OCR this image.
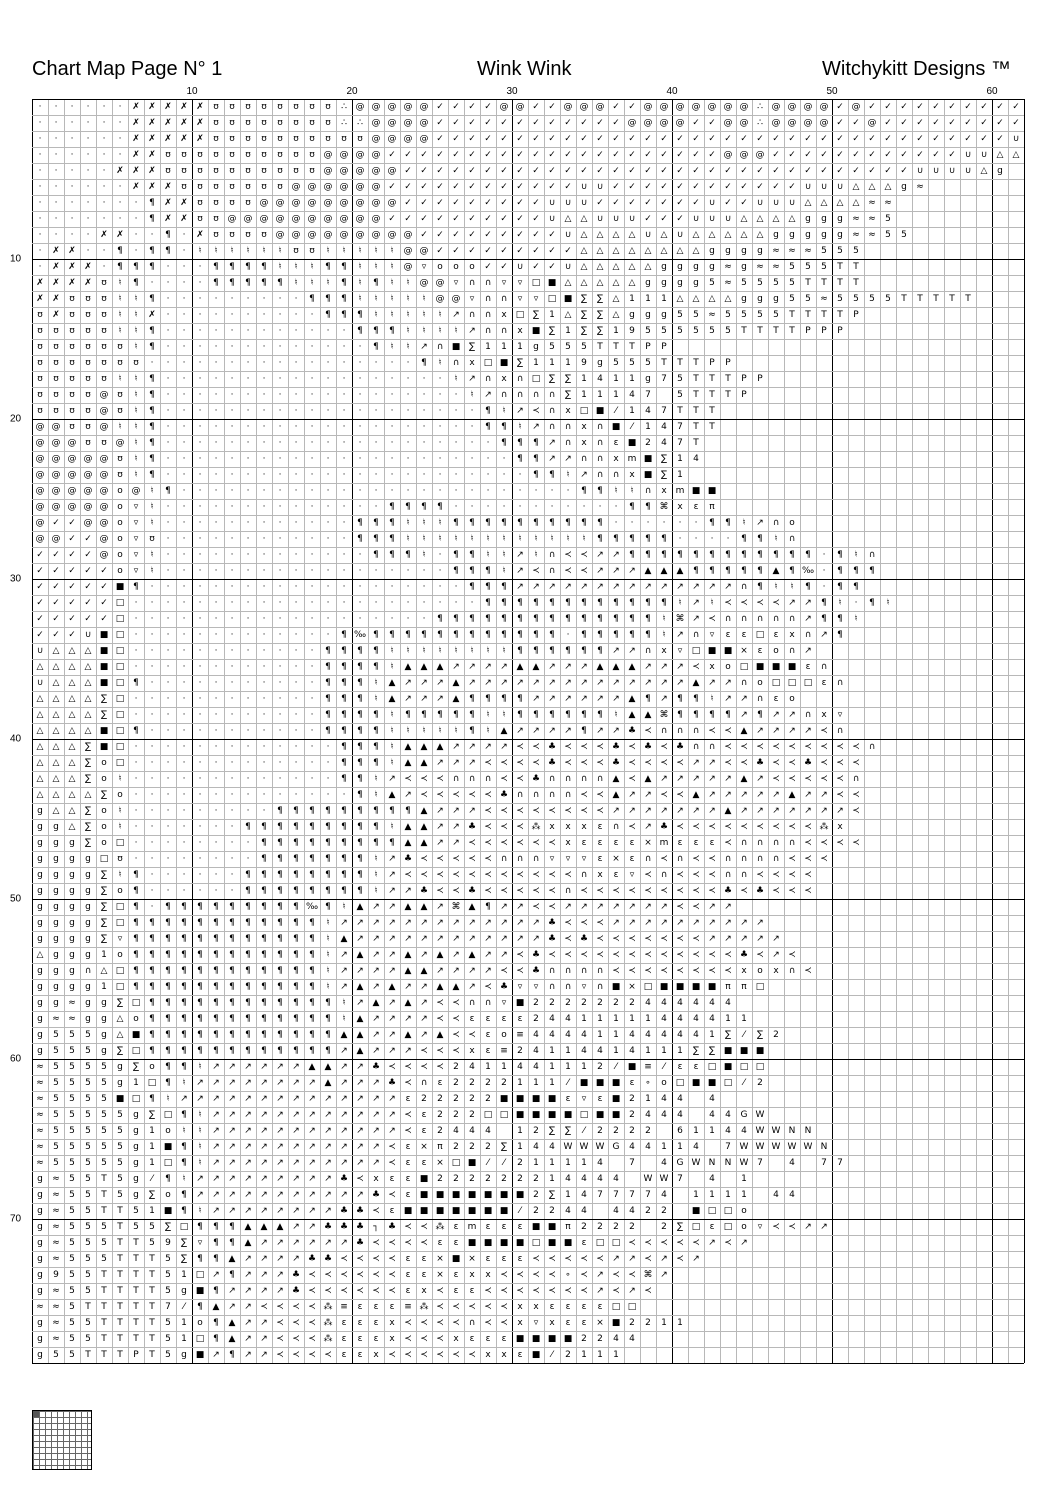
Chart Map Page N° 1	Wink Wink	Witchykitt Designs ™
10	20	30	40	50	60
10
20
30
40
50
60
70
·	·	·	·	·	·	✗ ✗ ✗ ✗ ✗	ʊ	ʊ	ʊ	ʊ	ʊ	ʊ	ʊ	ʊ	∴ @ @ @ @ @ ✓ ✓ ✓ ✓ @ @ ✓ ✓ @ @ @ ✓ ✓ @ @ @ @ @ @ @ ∴ @ @ @ @ ✓ @ ✓ ✓ ✓ ✓ ✓ ✓ ✓ ✓ ✓ ✓
·	·	·	·	·	·	✗ ✗ ✗ ✗ ✗	ʊ	ʊ	ʊ	ʊ	ʊ	ʊ	ʊ	ʊ	∴	∴ @ @ @ @ ✓ ✓ ✓ ✓ ✓ ✓ ✓ ✓ ✓ ✓ ✓ ✓ @ @ @ @ ✓ ✓ @ @ ∴ @ @ @ @ ✓ ✓ @ ✓ ✓ ✓ ✓ ✓ ✓ ✓ ✓ ✓
·	·	·	·	·	·	✗ ✗ ✗ ✗ ✗	ʊ	ʊ	ʊ	ʊ	ʊ	ʊ	ʊ	ʊ	ʊ	ʊ @ @ @ @ ✓ ✓ ✓ ✓ ✓ ✓ ✓ ✓ ✓ ✓ ✓ ✓ ✓ ✓ ✓ ✓ ✓ ✓ ✓ ✓ ✓ ✓ ✓ ✓ ✓ ✓ ✓ ✓ ✓ ✓ ✓ ✓ ✓ ✓ ✓ ✓ ∪
·	·	·	·	·	·	✗ ✗	ʊ	ʊ	ʊ	ʊ	ʊ	ʊ	ʊ	ʊ	ʊ	ʊ @ @ @ @ ✓ ✓ ✓ ✓ ✓ ✓ ✓ ✓ ✓ ✓ ✓ ✓ ✓ ✓ ✓ ✓ ✓ ✓ ✓ ✓ ✓ @ @ @ ✓ ✓ ✓ ✓ ✓ ✓ ✓ ✓ ✓ ✓ ✓ ✓ ∪	∪	△	△
·	·	·	·	·	✗ ✗ ✗	ʊ	ʊ	ʊ	ʊ	ʊ	ʊ	ʊ	ʊ	ʊ	ʊ @ @ @ @ @ ✓ ✓ ✓ ✓ ✓ ✓ ✓ ✓ ✓ ✓ ✓ ✓ ✓ ✓ ✓ ✓ ✓ ✓ ✓ ✓ ✓ ✓ ✓ ✓ ✓ ✓ ✓ ✓ ✓ ✓ ✓ ✓ ∪	∪	∪	∪	△	g
·	·	·	·	·	·	✗ ✗ ✗	ʊ	ʊ	ʊ	ʊ	ʊ	ʊ	ʊ @ @ @ @ @ @ ✓ ✓ ✓ ✓ ✓ ✓ ✓ ✓ ✓ ✓ ✓ ✓ ∪	∪ ✓ ✓ ✓ ✓ ✓ ✓ ✓ ✓ ✓ ✓ ✓ ✓ ∪	∪	∪	△	△	△	g	≈
·	·	·	·	·	·	·	¶	✗ ✗	ʊ	ʊ	ʊ	ʊ @ @ @ @ @ @ @ @ @ ✓ ✓ ✓ ✓ ✓ ✓ ✓ ✓ ✓ ∪	∪	∪ ✓ ✓ ✓ ✓ ✓ ✓ ✓ ∪ ✓ ✓ ∪	∪	∪	△	△	△	△ ≈ ≈
·	·	·	·	·	·	·	¶	✗ ✗	ʊ	ʊ @ @ @ @ @ @ @ @ @ @ ✓ ✓ ✓ ✓ ✓ ✓ ✓ ✓ ✓ ✓ ∪	△	△	∪	∪	∪ ✓ ✓ ✓ ∪	∪	∪	△	△	△	△	g	g	g	≈ ≈	5
·	·	·	·	✗ ✗	·	·	¶	·	✗	ʊ	ʊ	ʊ	ʊ @ @ @ @ @ @ @ @ @ ✓ ✓ ✓ ✓ ✓ ✓ ✓ ✓ ✓ ∪	△	△	△	△	∪	△	∪	△	△	△	△	△	g	g	g	g	g	≈ ≈	5	5
·	✗ ✗	·	·	¶	·	¶	¶	·	♮	♮	♮	♮	♮	♮	ʊ	ʊ	♮	♮	♮	♮	♮	@ @ ✓ ✓ ✓ ✓ ✓ ✓ ✓ ✓ ✓ △	△	△	△	△	△	△	△	g	g	g	g	≈ ≈ ≈	5	5	5
·	✗ ✗ ✗	·	¶	¶	¶	·	·	·	¶	¶	¶	¶	♮	♮	♮	¶	¶	♮	♮	♮	@	▿	o	o	o	✓ ✓ ∪ ✓ ✓ ∪	△	△	△	△	△	g	g	g	g	≈	g	≈ ≈	5	5	5	T	T
✗ ✗ ✗ ✗	ʊ	♮	¶	·	·	·	·	¶	¶	¶	¶	¶	♮	♮	♮	¶	♮	¶	♮	♮	@ @	▿	∩	∩	▿	▿	□ ■ △	△	△	△	△	g	g	g	g	5	≈	5	5	5	5	T	T	T	T
✗ ✗	ʊ	ʊ	ʊ	♮	♮	¶	·	·	·	·	·	·	·	·	·	¶	¶	¶	♮	♮	♮	♮	♮	@ @	▿	∩	∩	▿	▿	□ ■ ∑	∑	△	1	1	1	△	△	△	△	g	g	g	5	5	≈	5	5	5	5	T	T	T	T	T
ʊ	✗	ʊ	ʊ	ʊ	♮	♮	✗	·	·	·	·	·	·	·	·	·	·	¶	¶	¶	♮	♮	♮	♮	♮	↗ ∩	∩	x	□ ∑	1	△	∑	∑	△	g	g	g	5	5	≈	5	5	5	5	T	T	T	T	P
ʊ	ʊ	ʊ	ʊ	ʊ	♮	♮	¶	·	·	·	·	·	·	·	·	·	·	·	·	¶	¶	¶	♮	♮	♮	♮	↗ ∩	∩	x	■ ∑	1	∑	∑	1	9	5	5	5	5	5	5	T	T	T	T	P	P	P
ʊ	ʊ	ʊ	ʊ	ʊ	ʊ	♮	¶	·	·	·	·	·	·	·	·	·	·	·	·	·	¶	♮	♮	↗ ∩ ■ ∑	1	1	1	g	5	5	5	T	T	T	P	P
ʊ	ʊ	ʊ	ʊ	ʊ	ʊ	ʊ	·	·	·	·	·	·	·	·	·	·	·	·	·	·	·	·	·	¶	♮	∩	x	□ ■ ∑	1	1	1	9	g	5	5	5	T	T	T	P	P
ʊ	ʊ	ʊ	ʊ	ʊ	♮	♮	¶	·	·	·	·	·	·	·	·	·	·	·	·	·	·	·	·	·	·	♮	↗ ∩	x	∩ □ ∑	∑	1	4	1	1	g	7	5	T	T	T	P	P
ʊ	ʊ	ʊ	ʊ @ ʊ	♮	¶	·	·	·	·	·	·	·	·	·	·	·	·	·	·	·	·	·	·	·	♮	↗ ∩	∩	∩	∩	∑	1	1	1	4	7	5	T	T	T	P
ʊ	ʊ	ʊ	ʊ @ ʊ	♮	¶	·	·	·	·	·	·	·	·	·	·	·	·	·	·	·	·	·	·	·	·	¶	♮	↗ ≺ ∩	x	□ ■	⁄	1	4	7	T	T	T
@ @ ʊ	ʊ @	♮	♮	¶	·	·	·	·	·	·	·	·	·	·	·	·	·	·	·	·	·	·	·	·	¶	¶	♮	↗ ∩	∩	x	∩ ■	⁄	1	4	7	T	T
@ @ @ ʊ	ʊ @	♮	¶	·	·	·	·	·	·	·	·	·	·	·	·	·	·	·	·	·	·	·	·	·	¶	¶	¶	↗ ∩	x	∩	ε	■ 2	4	7	T
@ @ @ @ @ ʊ	♮	¶	·	·	·	·	·	·	·	·	·	·	·	·	·	·	·	·	·	·	·	·	·	·	¶	¶	↗ ↗ ∩	∩	x m ■ ∑	1	4
@ @ @ @ @ ʊ	♮	¶	·	·	·	·	·	·	·	·	·	·	·	·	·	·	·	·	·	·	·	·	·	·	·	¶	¶	♮	↗ ∩	∩	x	■ ∑	1
@ @ @ @ @ o @	♮	¶	·	·	·	·	·	·	·	·	·	·	·	·	·	·	·	·	·	·	·	·	·	·	·	·	·	¶	¶	♮	♮	∩	x m ■ ■
@ @ @ @ @ o	▿	♮	·	·	·	·	·	·	·	·	·	·	·	·	·	·	¶	¶	¶	¶	·	·	·	·	·	·	·	·	·	·	·	¶	¶ ⌘ x	ε	π
@ ✓ ✓ @ @ o	▿	♮	·	·	·	·	·	·	·	·	·	·	·	·	¶	¶	¶	♮	♮	♮	¶	¶	¶	¶	¶	¶	¶	¶	¶	¶	·	·	·	·	·	·	¶	¶	♮	↗ ∩	o
@ @ ✓ ✓ @ o	▿	ʊ	·	·	·	·	·	·	·	·	·	·	·	·	¶	¶	¶	♮	♮	♮	♮	♮	♮	♮	♮	♮	♮	♮	♮	¶	¶	¶	¶	¶	·	·	·	·	¶	¶	♮	∩
✓ ✓ ✓ ✓ @ o	▿	♮	·	·	·	·	·	·	·	·	·	·	·	·	·	¶	¶	¶	♮	·	¶	¶	♮	♮	↗	♮	∩ ≺ ≺ ↗ ↗	¶	¶	¶	¶	¶	¶	¶	¶	¶	¶	¶	¶	·	¶	♮	∩
✓ ✓ ✓ ✓ ✓	o	▿	♮	·	·	·	·	·	·	·	·	·	·	·	·	·	·	·	·	·	·	¶	¶	¶	♮	↗ ≺ ∩ ≺ ≺ ↗ ↗ ↗ ▲	▲	▲	¶	¶	¶	¶	¶	▲	¶ ‰ ·	¶	¶	¶
✓ ✓ ✓ ✓ ✓ ■ ¶	·	·	·	·	·	·	·	·	·	·	·	·	·	·	·	·	·	·	·	·	¶	¶	¶	↗ ↗ ↗ ↗ ↗ ↗ ↗ ↗ ↗ ↗ ↗ ↗ ↗ ↗ ∩	¶	♮	♮	¶	·	¶	¶
✓ ✓ ✓ ✓ ✓ □	·	·	·	·	·	·	·	·	·	·	·	·	·	·	·	·	·	·	·	·	·	·	¶	¶	¶	¶	¶	¶	¶	¶	¶	¶	¶	¶	♮	↗	♮	≺ ≺ ≺ ≺ ↗ ↗	¶	♮	·	¶	♮
✓ ✓ ✓ ✓ ✓ □	·	·	·	·	·	·	·	·	·	·	·	·	·	·	·	·	·	·	·	¶	¶	¶	¶	¶	¶	¶	¶	¶	¶	¶	¶	¶	¶	♮	⌘ ↗ ≺ ∩	∩	∩	∩	∩ ↗	¶	¶	♮
✓ ✓ ✓ ∪ ■ □	·	·	·	·	·	·	·	·	·	·	·	·	·	¶ ‰ ¶	¶	¶	¶	¶	¶	¶	¶	¶	¶	¶	¶	·	¶	¶	¶	¶	¶	♮	↗ ∩	▿	ε	ε	□	ε	x	∩ ↗	¶
∪	△	△	△ ■ □	·	·	·	·	·	·	·	·	·	·	·	·	¶	¶	¶	¶	♮	♮	♮	♮	♮	♮	♮	♮	¶	¶	¶	¶	¶	¶	↗ ↗ ∩	x	▿	□ ■ ■ ⨯	ε	o	∩ ↗
△	△	△	△ ■ □	·	·	·	·	·	·	·	·	·	·	·	·	¶	¶	¶	¶	♮	▲	▲	▲ ↗ ↗ ↗ ↗ ▲	▲ ↗ ↗ ↗ ▲	▲	▲ ↗ ↗ ↗ ≺	x	o □ ■ ■ ■	ε	∩
∪	△	△	△ ■ □ ¶	·	·	·	·	·	·	·	·	·	·	·	¶	¶	¶	♮	▲ ↗ ↗ ↗ ▲ ↗ ↗ ↗ ↗ ↗ ↗ ↗ ↗ ↗ ↗ ↗ ↗ ↗ ↗ ▲ ↗ ↗ ∩	o □ □ □	ε	∩
△	△	△	△	∑ □	·	·	·	·	·	·	·	·	·	·	·	·	¶	¶	¶	♮	▲ ↗ ↗ ↗ ▲	¶	¶	¶	¶	↗ ↗ ↗ ↗ ↗ ↗ ▲	¶	↗	¶	¶	♮	↗ ↗ ∩	ε	o
△	△	△	△	∑ □	·	·	·	·	·	·	·	·	·	·	·	·	¶	¶	¶	¶	♮	¶	¶	¶	¶	¶	♮	♮	¶	¶	¶	¶	¶	¶	♮	▲	▲ ⌘ ¶	¶	¶	¶	↗	¶	↗ ↗ ∩	x	▿
△	△	△	△ ■ □ ¶	·	·	·	·	·	·	·	·	·	·	·	¶	¶	¶	¶	♮	♮	♮	♮	♮	¶	♮	▲ ↗ ↗ ↗ ↗	¶	↗ ↗ ♣ ≺ ∩	∩	∩ ≺ ≺ ▲ ↗ ↗ ↗ ↗ ≺ ∩
△	△	△	∑ ■ □	·	·	·	·	·	·	·	·	·	·	·	·	·	¶	¶	¶	♮	▲	▲	▲ ↗ ↗ ↗ ↗ ≺ ≺ ♣ ≺ ≺ ≺ ♣ ≺ ♣ ≺ ♣ ∩	∩ ≺ ≺ ≺ ≺ ≺ ≺ ≺ ≺ ≺ ∩
△	△	△	∑	o □	·	·	·	·	·	·	·	·	·	·	·	·	·	¶	¶	¶	♮	▲	▲ ↗ ↗ ↗ ≺ ≺ ≺ ≺ ♣ ≺ ≺ ≺ ♣ ≺ ≺ ≺ ≺ ↗ ↗ ≺ ≺ ♣ ≺ ≺ ♣ ≺ ≺ ≺
△	△	△	∑	o	♮	·	·	·	·	·	·	·	·	·	·	·	·	·	¶	¶	♮	↗ ≺ ≺ ≺ ∩	∩	∩ ≺ ≺ ♣ ∩	∩	∩	∩	▲ ≺ ▲ ↗ ↗ ↗ ↗ ↗ ▲ ↗ ≺ ≺ ≺ ≺ ≺ ∩
△	△	△	△	∑	o	·	·	·	·	·	·	·	·	·	·	·	·	·	·	¶	♮	▲ ↗ ≺ ≺ ≺ ≺ ≺ ♣ ∩	∩	∩	∩ ≺ ≺ ▲ ↗ ↗ ≺ ≺ ▲ ↗ ↗ ↗ ↗ ↗ ▲ ↗ ↗ ≺ ≺
g	△	△	∑	o	♮	·	·	·	·	·	·	·	·	·	¶	¶	¶	¶	¶	¶	¶	¶	¶	▲ ↗ ↗ ↗ ≺ ≺ ≺ ≺ ≺ ≺ ≺ ≺ ↗ ↗ ↗ ↗ ↗ ↗ ↗ ▲ ↗ ↗ ↗ ↗ ↗ ↗ ↗ ≺
g	g	△	∑	o	♮	·	·	·	·	·	·	·	¶	¶	¶	¶	¶	¶	¶	¶	¶	♮	▲	▲ ↗ ↗ ♣ ≺ ≺ ≺ ⁂ x	x	x	ε	∩ ≺ ↗ ♣ ≺ ≺ ≺ ≺ ≺ ≺ ≺ ≺ ≺ ⁂ x
g	g	g	∑	o □	·	·	·	·	·	·	·	·	¶	¶	¶	¶	¶	¶	¶	¶	¶	▲	▲ ↗ ↗ ≺ ≺ ≺ ≺ ≺ ≺	x	ε	ε	ε	ε	⨯ m	ε	ε	ε	≺ ∩	∩	∩	∩ ≺ ≺ ≺ ≺
g	g	g	g □ ʊ	·	·	·	·	·	·	·	·	¶	¶	¶	¶	¶	¶	¶	♮	↗ ♣ ≺ ≺ ≺ ≺ ≺ ∩	∩	∩	▿	▿	▿	ε	⨯	ε	∩ ≺ ∩ ≺ ≺ ∩	∩	∩	∩ ≺ ≺ ≺
g	g	g	g	∑	♮	¶	·	·	·	·	·	·	¶	¶	¶	¶	¶	¶	¶	¶	♮	↗ ≺ ≺ ≺ ≺ ≺ ≺ ≺ ≺ ≺ ≺ ≺ ∩	x	ε	▿	≺ ∩ ≺ ≺ ≺ ∩	∩ ≺ ≺ ≺ ≺
g	g	g	g	∑	o	¶	·	·	·	·	·	·	¶	¶	¶	¶	¶	¶	¶	¶	♮	↗ ↗ ♣ ≺ ≺ ♣ ≺ ≺ ≺ ≺ ≺ ∩ ≺ ≺ ≺ ≺ ≺ ≺ ≺ ≺ ≺ ♣ ≺ ♣ ≺ ≺ ≺
g	g	g	g	∑ □ ¶	·	¶	¶	¶	¶	¶	¶	¶	¶	¶ ‰ ¶	♮	▲ ↗ ↗ ▲	▲ ↗ ⌘ ▲	¶	↗ ↗ ≺ ≺ ↗ ↗ ↗ ↗ ↗ ↗ ↗ ≺ ≺ ↗ ↗
g	g	g	g	∑ □ ¶	¶	¶	¶	¶	¶	¶	¶	¶	¶	¶	¶	♮	↗ ↗ ↗ ↗ ↗ ↗ ↗ ↗ ↗ ↗ ↗ ↗ ↗ ♣ ≺ ≺ ≺ ↗ ↗ ↗ ↗ ↗ ↗ ↗ ↗ ↗ ↗
g	g	g	g	∑	▿	¶	¶	¶	¶	¶	¶	¶	¶	¶	¶	¶	¶	♮	▲ ↗ ↗ ↗ ↗ ↗ ↗ ↗ ↗ ↗ ↗ ↗ ↗ ♣ ≺ ♣ ≺ ≺ ≺ ≺ ≺ ≺ ≺ ↗ ↗ ↗ ↗ ↗
△	g	g	g	1	o	¶	¶	¶	¶	¶	¶	¶	¶	¶	¶	¶	¶	♮	↗ ▲ ↗ ↗ ▲ ↗ ▲ ↗ ▲ ↗ ↗ ≺ ♣ ≺ ≺ ≺ ≺ ≺ ≺ ≺ ≺ ≺ ≺ ≺ ≺ ♣ ≺ ↗ ≺
g	g	g	∩	△ □ ¶	¶	¶	¶	¶	¶	¶	¶	¶	¶	¶	¶	♮	↗ ↗ ↗ ↗ ▲	▲ ↗ ↗ ↗ ↗ ≺ ≺ ♣ ∩	∩	∩	∩ ≺ ≺ ≺ ≺ ≺ ≺ ≺ ≺	x	o	x	∩ ≺
g	g	g	g	1 □ ¶	¶	¶	¶	¶	¶	¶	¶	¶	¶	¶	¶	♮	↗ ▲ ↗ ▲ ↗ ↗ ▲	▲ ↗ ≺ ♣	▿	▿	∩	∩	▿	∩ ■ ⨯ □ ■ ■ ■ ■	π	π	□
g	g	≈	g	g	∑ □ ¶	¶	¶	¶	¶	¶	¶	¶	¶	¶	¶	¶	♮	↗ ▲ ↗ ▲ ↗ ≺ ≺ ∩	∩	▿	■ 2	2	2	2	2	2	2	4	4	4	4	4	4
g	≈ ≈	g	g	△	o	¶	¶	¶	¶	¶	¶	¶	¶	¶	¶	¶	¶	♮	▲ ↗ ↗ ↗ ↗ ≺ ≺	ε	ε	ε	ε	2	4	4	1	1	1	1	1	4	4	4	4	1	1
g	5	5	5	g	△ ■ ¶	¶	¶	¶	¶	¶	¶	¶	¶	¶	¶	¶	▲	▲ ↗ ↗ ▲ ↗ ▲ ≺ ≺	ε	o	≡	4	4	4	4	1	1	4	4	4	4	4	1	∑	⁄	∑	2
g	5	5	5	g	∑ □ ¶	¶	¶	¶	¶	¶	¶	¶	¶	¶	¶	¶	↗ ▲ ↗ ↗ ↗ ≺ ≺ ≺	x	ε	≡	2	4	1	1	4	4	1	4	1	1	1	∑	∑ ■ ■ ■
≈	5	5	5	5	g	∑	o	¶	¶	♮	↗ ↗ ↗ ↗ ↗ ↗ ▲	▲ ↗ ↗ ♣ ≺ ≺ ≺ ≺	2	4	1	1	4	4	1	1	1	2	⁄	■ ≡	⁄	ε	ε	□ ■ □ □
≈	5	5	5	5	g	1 □ ¶	♮	↗ ↗ ↗ ↗ ↗ ↗ ↗ ↗ ▲ ↗ ↗ ↗ ♣ ≺ ∩	ε	2	2	2	2	1	1	1	⁄	■ ■ ■	ε	∘	o □ ■ ■ □	⁄	2
≈	5	5	5	5 ■ □ ¶	♮	↗ ↗ ↗ ↗ ↗ ↗ ↗ ↗ ↗ ↗ ↗ ↗ ↗ ↗	ε	2	2	2	2	2 ■ ■ ■ ■	ε	▿	ε	■ 2	1	4	4	4
≈	5	5	5	5	5	g	∑ □ ¶	♮	↗ ↗ ↗ ↗ ↗ ↗ ↗ ↗ ↗ ↗ ↗ ↗ ≺	ε	2	2	2 □ □ ■ ■ ■ ■ □ ■ ■ 2	4	4	4	4	4	G W
≈	5	5	5	5	5	g	1	o	♮	♮	↗ ↗ ↗ ↗ ↗ ↗ ↗ ↗ ↗ ↗ ↗ ↗ ≺	ε	2	4	4	4	1	2	∑	∑	⁄	2	2	2	2	6	1	1	4	4 W W N	N
≈	5	5	5	5	5	g	1 ■ ¶	♮	↗ ↗ ↗ ↗ ↗ ↗ ↗ ↗ ↗ ↗ ↗ ≺	ε	⨯	π	2	2	2	∑	1	4	4 W W W G	4	4	1	1	4	7 W W W W W N
≈	5	5	5	5	5	g	1 □ ¶	♮	↗ ↗ ↗ ↗ ↗ ↗ ↗ ↗ ↗ ↗ ↗ ≺	ε	ε	⨯ □ ■	⁄	⁄	2	1	1	1	1	4	7	4	G W N	N W 7	4	7	7
g	≈	5	5	T	5	g	⁄	¶	♮	↗ ↗ ↗ ↗ ↗ ↗ ↗ ↗ ↗ ♣ ≺	x	ε	ε	■ 2	2	2	2	2	2	2	1	4	4	4	4	W W 7	4	1
g	≈	5	5	T	5	g	∑	o	¶	↗ ↗ ↗ ↗ ↗ ↗ ↗ ↗ ↗ ↗ ↗ ♣ ≺	ε	■ ■ ■ ■ ■ ■ ■ 2	∑	1	4	7	7	7	7	4	1	1	1	1	4	4
g	≈	5	5	T	T	5	1 ■ ¶	♮	↗ ↗ ↗ ↗ ↗ ↗ ↗ ↗ ♣ ♣ ≺	ε	■ ■ ■ ■ ■ ■ ■	⁄	2	2	4	4	4	4	2	2	■ □ □ o
g	≈	5	5	5	T	5	5	∑ □ ¶	¶	¶	▲	▲	▲ ↗ ↗ ♣ ♣ ♣	┐	♣ ≺ ≺ ⁂	ε	m	ε	ε	ε	■ ■	π	2	2	2	2	2	∑ □	ε	□ o	▿	≺ ≺ ↗ ↗
g	≈	5	5	5	T	T	5	9	∑	▿	¶	¶	▲ ↗ ↗ ↗ ↗ ↗ ↗ ♣ ≺ ≺ ≺ ≺	ε	ε	■ ■ ■ ■ □ ■ ■	ε	□ □ ≺ ≺ ≺ ≺ ≺ ↗ ≺ ↗
g	≈	5	5	5	T	T	T	5	∑	¶	¶	▲ ↗ ↗ ↗ ↗ ♣ ♣ ≺ ≺ ≺ ≺	ε	ε	⨯ ■ ⨯	ε	ε	ε	≺ ≺ ≺ ≺ ≺ ↗ ↗ ≺ ↗ ≺ ↗
g	9	5	5	T	T	T	T	5	1 □ ↗	¶	↗ ↗ ↗ ♣ ≺ ≺ ≺ ≺ ≺ ≺	ε	ε	⨯	ε	x	x	≺ ≺ ≺ ≺	∘	≺ ↗ ≺ ≺ ⌘ ↗
g	≈	5	5	T	T	T	T	5	g ■ ¶	↗ ↗ ↗ ↗ ♣ ≺ ≺ ≺ ≺ ≺ ≺	ε	x	≺	ε	ε	≺ ≺ ≺ ≺ ≺ ≺ ≺ ↗ ≺ ↗ ≺
≈ ≈	5	T	T	T	T	T	7	⁄	¶	▲ ↗ ↗ ≺ ≺ ≺ ≺ ⁂ ≡	ε	ε	ε	≡ ⁂ ≺ ≺ ≺ ≺ ≺	x	x	ε	ε	ε	ε	□ □
g	≈	5	5	T	T	T	T	5	1	o	¶	▲ ↗ ↗ ≺ ≺ ≺ ⁂	ε	ε	ε	x	≺ ≺ ≺ ≺ ∩ ≺ ≺	x	▿	x	ε	ε	⨯ ■ 2	2	1	1
g	≈	5	5	T	T	T	T	5	1 □ ¶	▲ ↗ ↗ ≺ ≺ ≺ ⁂	ε	ε	ε	x	≺ ≺ ≺	x	ε	ε	ε	■ ■ ■ ■ 2	2	4	4
g	5	5	T	T	T	P	T	5	g ■ ↗	¶	↗ ↗ ≺ ≺ ≺ ≺	ε	ε	x	≺ ≺ ≺ ≺ ≺ ≺	x	x	ε	■	⁄	2	1	1	1
